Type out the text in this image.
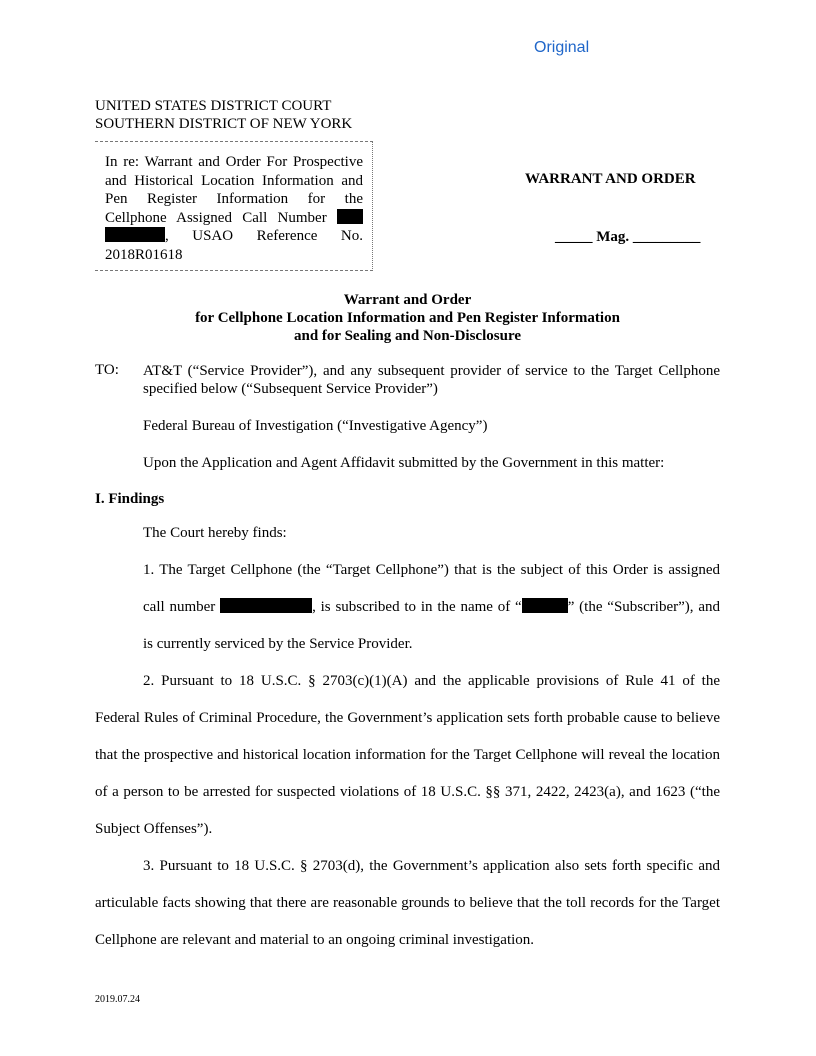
Original
UNITED STATES DISTRICT COURT
SOUTHERN DISTRICT OF NEW YORK
In re: Warrant and Order For Prospective and Historical Location Information and Pen Register Information for the Cellphone Assigned Call Number  , USAO Reference No. 2018R01618
WARRANT AND ORDER
_____ Mag. _________
Warrant and Order
for Cellphone Location Information and Pen Register Information
and for Sealing and Non-Disclosure
TO: AT&T (“Service Provider”), and any subsequent provider of service to the Target Cellphone specified below (“Subsequent Service Provider”)
Federal Bureau of Investigation (“Investigative Agency”)
Upon the Application and Agent Affidavit submitted by the Government in this matter:
I. Findings
The Court hereby finds:
1. The Target Cellphone (the “Target Cellphone”) that is the subject of this Order is assigned call number	, is subscribed to in the name of “	” (the “Subscriber”), and is currently serviced by the Service Provider.
2. Pursuant to 18 U.S.C. § 2703(c)(1)(A) and the applicable provisions of Rule 41 of the Federal Rules of Criminal Procedure, the Government’s application sets forth probable cause to believe that the prospective and historical location information for the Target Cellphone will reveal the location of a person to be arrested for suspected violations of 18 U.S.C. §§ 371, 2422, 2423(a), and 1623 (“the Subject Offenses”).
3. Pursuant to 18 U.S.C. § 2703(d), the Government’s application also sets forth specific and articulable facts showing that there are reasonable grounds to believe that the toll records for the Target Cellphone are relevant and material to an ongoing criminal investigation.
2019.07.24
